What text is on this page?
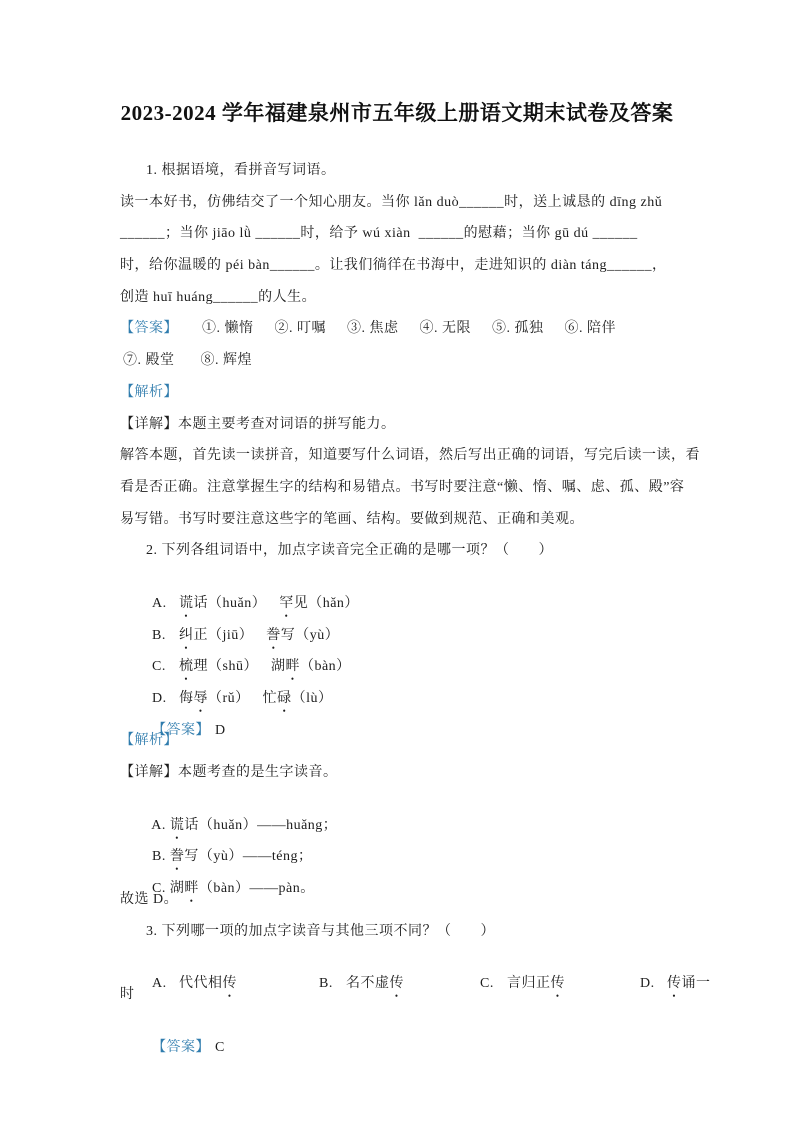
2023-2024 学年福建泉州市五年级上册语文期末试卷及答案
1. 根据语境，看拼音写词语。
读一本好书，仿佛结交了一个知心朋友。当你 lǎn duò______时，送上诚恳的 dīng zhǔ
______；当你 jiāo lǜ ______时，给予 wú xiàn  ______的慰藉；当你 gū dú ______
时，给你温暖的 péi bàn______。让我们徜徉在书海中，走进知识的 diàn táng______，
创造 huī huáng______的人生。
【答案】 ①. 懒惰 ②. 叮嘱 ③. 焦虑 ④. 无限 ⑤. 孤独 ⑥. 陪伴
⑦. 殿堂 ⑧. 辉煌
【解析】
【详解】本题主要考查对词语的拼写能力。
解答本题，首先读一读拼音，知道要写什么词语，然后写出正确的词语，写完后读一读，看
看是否正确。注意掌握生字的结构和易错点。书写时要注意“懒、惰、嘱、虑、孤、殿”容
易写错。书写时要注意这些字的笔画、结构。要做到规范、正确和美观。
2. 下列各组词语中，加点字读音完全正确的是哪一项？（　　）

A. 谎话（huǎn） 罕见（hǎn）

B. 纠正（jiū） 誊写（yù）

C. 梳理（shū） 湖畔（bàn）

D. 侮辱（rǔ） 忙碌（lù）

【答案】 D

【解析】
【详解】本题考查的是生字读音。

A. 谎话（huǎn）——huǎng；

B. 誊写（yù）——téng；

C. 湖畔（bàn）——pàn。

故选 D。
3. 下列哪一项的加点字读音与其他三项不同？（　　）

A. 代代相传	B. 名不虚传	C. 言归正传	D. 传诵一

时

【答案】 C
